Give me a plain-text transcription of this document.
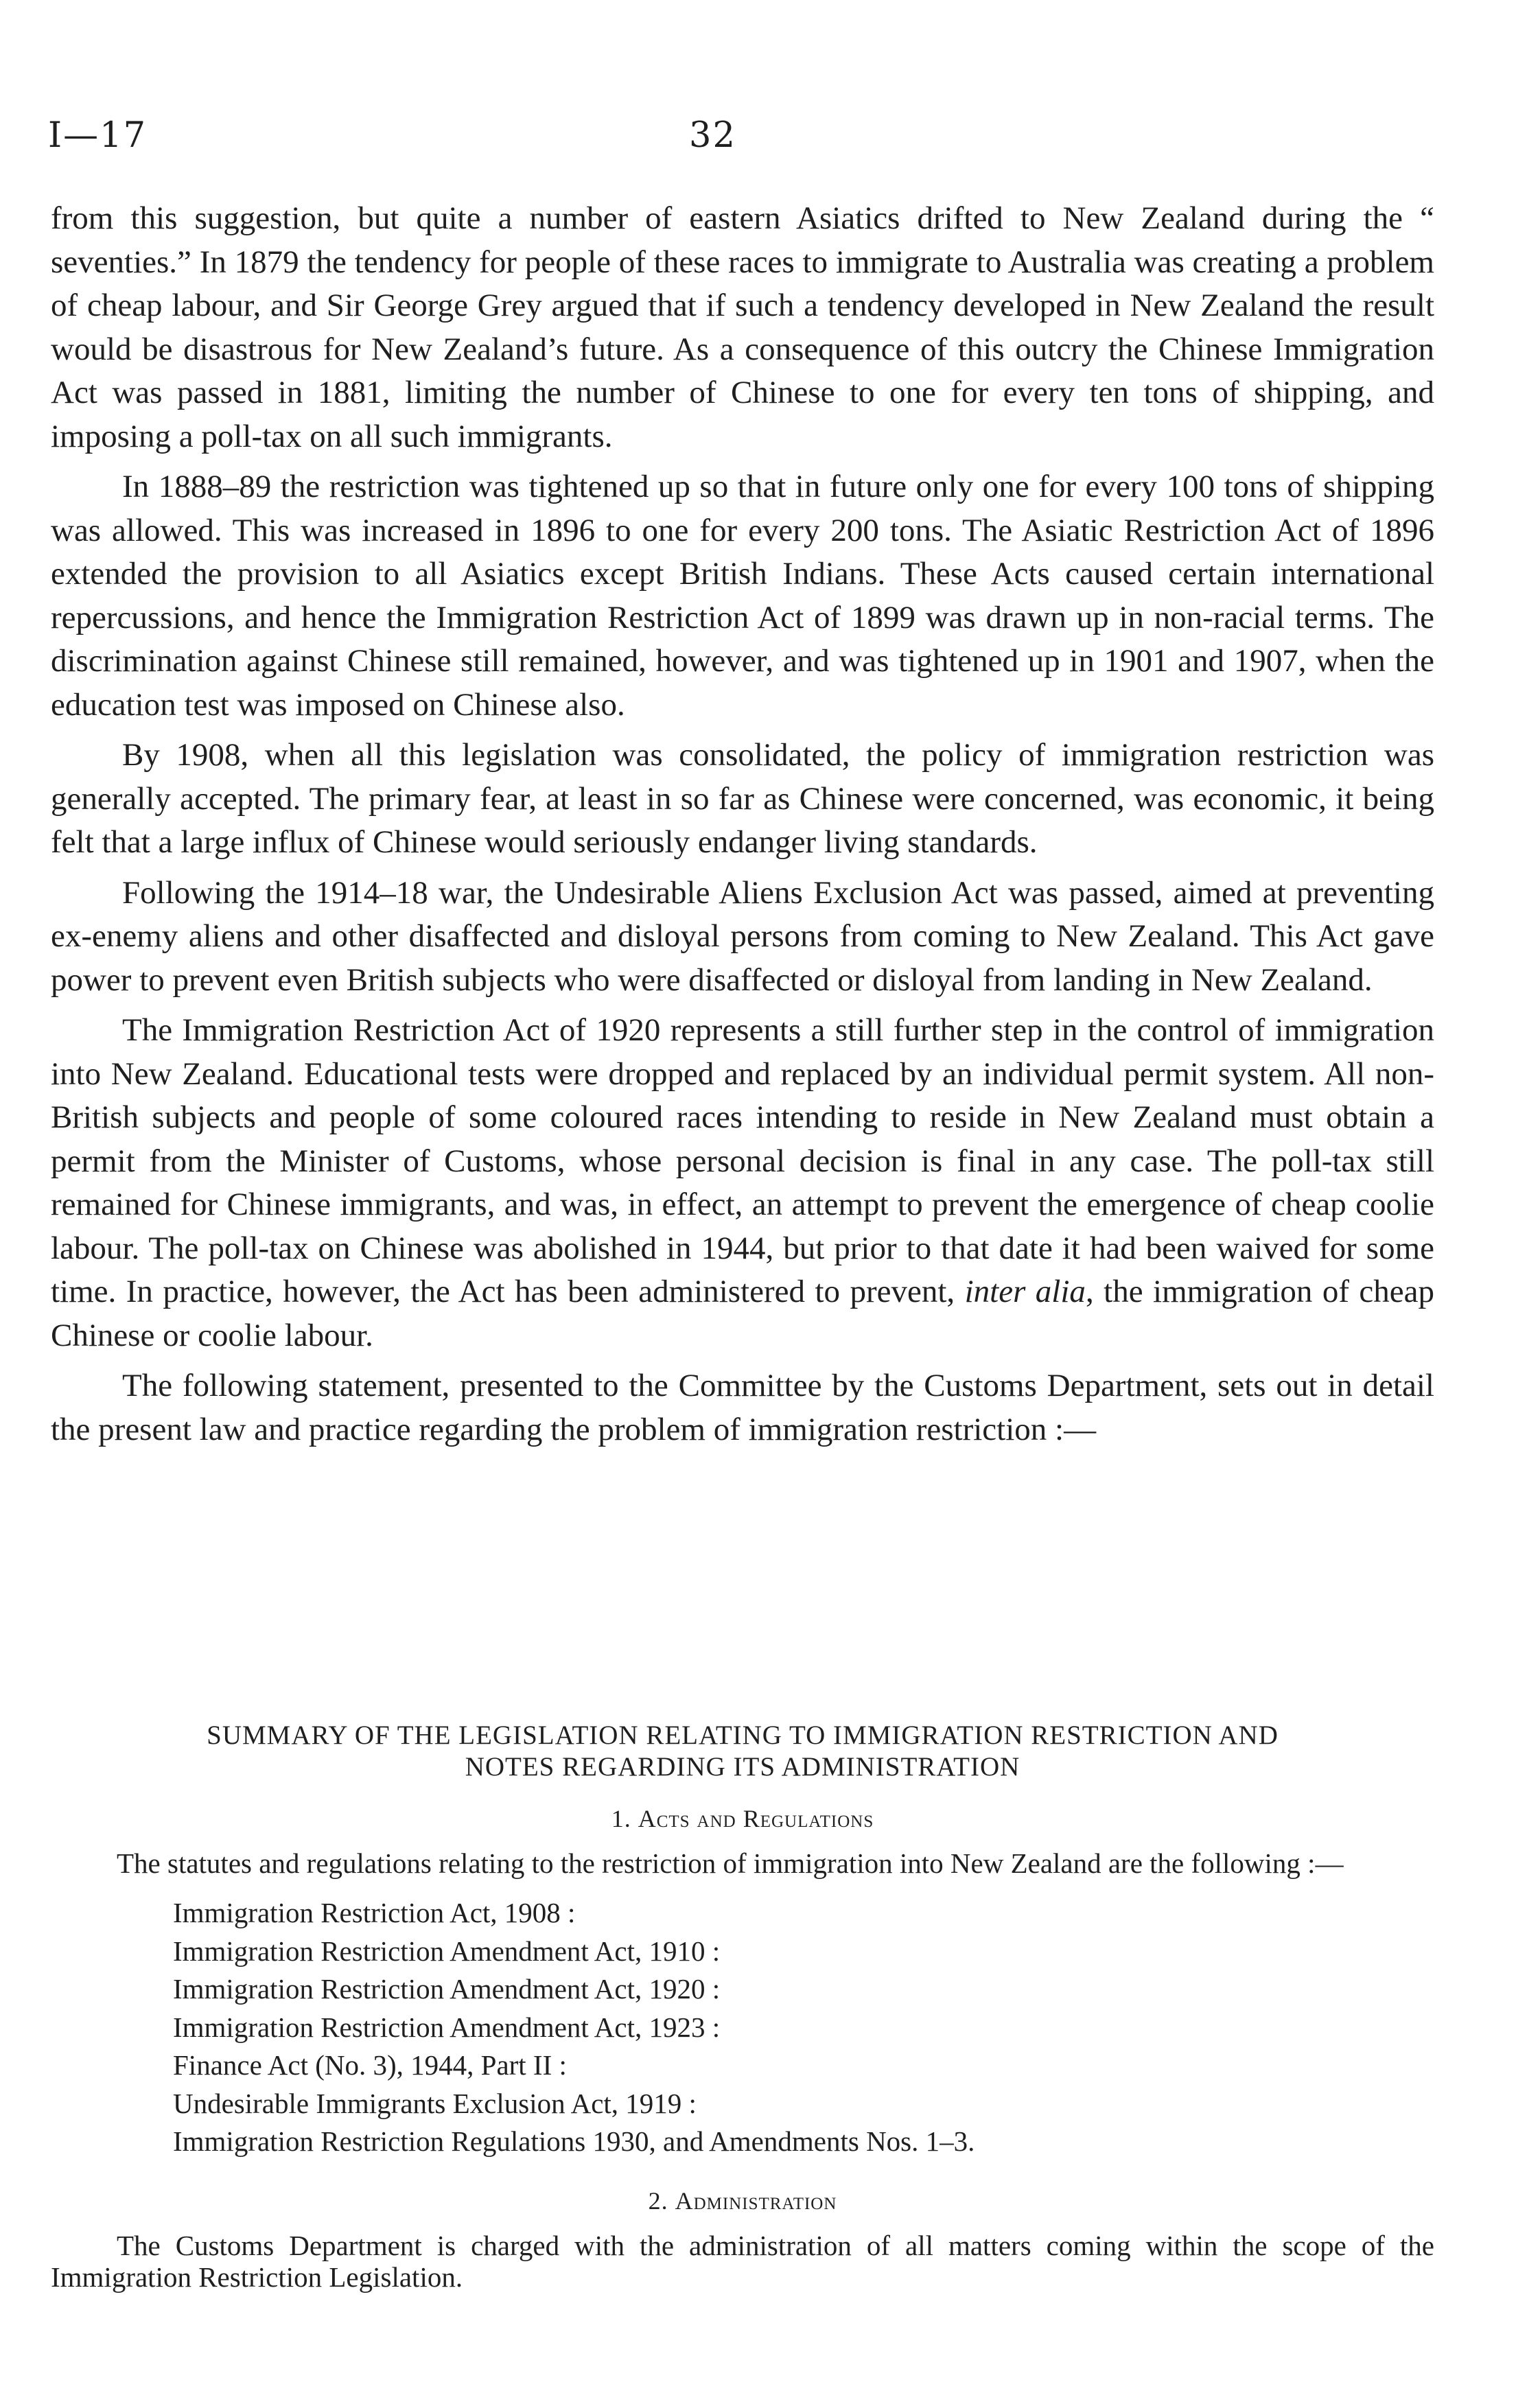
I—17	32

from this suggestion, but quite a number of eastern Asiatics drifted to New Zealand during the “ seventies.” In 1879 the tendency for people of these races to immigrate to Australia was creating a problem of cheap labour, and Sir George Grey argued that if such a tendency developed in New Zealand the result would be disastrous for New Zealand’s future. As a consequence of this outcry the Chinese Immigration Act was passed in 1881, limiting the number of Chinese to one for every ten tons of shipping, and imposing a poll-tax on all such immigrants.

In 1888–89 the restriction was tightened up so that in future only one for every 100 tons of shipping was allowed. This was increased in 1896 to one for every 200 tons. The Asiatic Restriction Act of 1896 extended the provision to all Asiatics except British Indians. These Acts caused certain international repercussions, and hence the Immigration Restriction Act of 1899 was drawn up in non-racial terms. The discrimination against Chinese still remained, however, and was tightened up in 1901 and 1907, when the education test was imposed on Chinese also.

By 1908, when all this legislation was consolidated, the policy of immigration restriction was generally accepted. The primary fear, at least in so far as Chinese were concerned, was economic, it being felt that a large influx of Chinese would seriously endanger living standards.

Following the 1914–18 war, the Undesirable Aliens Exclusion Act was passed, aimed at preventing ex-enemy aliens and other disaffected and disloyal persons from coming to New Zealand. This Act gave power to prevent even British subjects who were disaffected or disloyal from landing in New Zealand.

The Immigration Restriction Act of 1920 represents a still further step in the control of immigration into New Zealand. Educational tests were dropped and replaced by an individual permit system. All non-British subjects and people of some coloured races intending to reside in New Zealand must obtain a permit from the Minister of Customs, whose personal decision is final in any case. The poll-tax still remained for Chinese immigrants, and was, in effect, an attempt to prevent the emergence of cheap coolie labour. The poll-tax on Chinese was abolished in 1944, but prior to that date it had been waived for some time. In practice, however, the Act has been administered to prevent, inter alia, the immigration of cheap Chinese or coolie labour.

The following statement, presented to the Committee by the Customs Department, sets out in detail the present law and practice regarding the problem of immigration restriction :—

SUMMARY OF THE LEGISLATION RELATING TO IMMIGRATION RESTRICTION AND
NOTES REGARDING ITS ADMINISTRATION
1. Acts and Regulations

The statutes and regulations relating to the restriction of immigration into New Zealand are the following :—

Immigration Restriction Act, 1908 :
Immigration Restriction Amendment Act, 1910 :
Immigration Restriction Amendment Act, 1920 :
Immigration Restriction Amendment Act, 1923 :
Finance Act (No. 3), 1944, Part II :
Undesirable Immigrants Exclusion Act, 1919 :
Immigration Restriction Regulations 1930, and Amendments Nos. 1–3.
2. Administration

The Customs Department is charged with the administration of all matters coming within the scope of the Immigration Restriction Legislation.
